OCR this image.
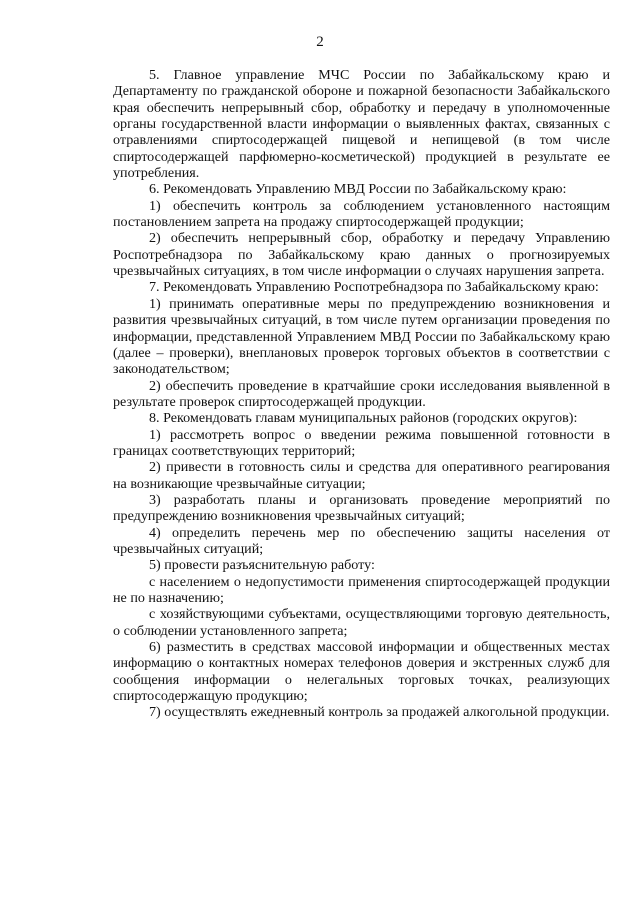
2

5. Главное управление МЧС России по Забайкальскому краю и Департаменту по гражданской обороне и пожарной безопасности Забайкальского края обеспечить непрерывный сбор, обработку и передачу в уполномоченные органы государственной власти информации о выявленных фактах, связанных с отравлениями спиртосодержащей пищевой и непищевой (в том числе спиртосодержащей парфюмерно-косметической) продукцией в результате ее употребления.

6. Рекомендовать Управлению МВД России по Забайкальскому краю:

1) обеспечить контроль за соблюдением установленного настоящим постановлением запрета на продажу спиртосодержащей продукции;

2) обеспечить непрерывный сбор, обработку и передачу Управлению Роспотребнадзора по Забайкальскому краю данных о прогнозируемых чрезвычайных ситуациях, в том числе информации о случаях нарушения запрета.

7. Рекомендовать Управлению Роспотребнадзора по Забайкальскому краю:

1) принимать оперативные меры по предупреждению возникновения и развития чрезвычайных ситуаций, в том числе путем организации проведения по информации, представленной Управлением МВД России по Забайкальскому краю (далее – проверки), внеплановых проверок торговых объектов в соответствии с законодательством;

2) обеспечить проведение в кратчайшие сроки исследования выявленной в результате проверок спиртосодержащей продукции.

8. Рекомендовать главам муниципальных районов (городских округов):

1) рассмотреть вопрос о введении режима повышенной готовности в границах соответствующих территорий;

2) привести в готовность силы и средства для оперативного реагирования на возникающие чрезвычайные ситуации;

3) разработать планы и организовать проведение мероприятий по предупреждению возникновения чрезвычайных ситуаций;

4) определить перечень мер по обеспечению защиты населения от чрезвычайных ситуаций;

5) провести разъяснительную работу:

с населением о недопустимости применения спиртосодержащей продукции не по назначению;

с хозяйствующими субъектами, осуществляющими торговую деятельность, о соблюдении установленного запрета;

6) разместить в средствах массовой информации и общественных местах информацию о контактных номерах телефонов доверия и экстренных служб для сообщения информации о нелегальных торговых точках, реализующих спиртосодержащую продукцию;

7) осуществлять ежедневный контроль за продажей алкогольной продукции.
